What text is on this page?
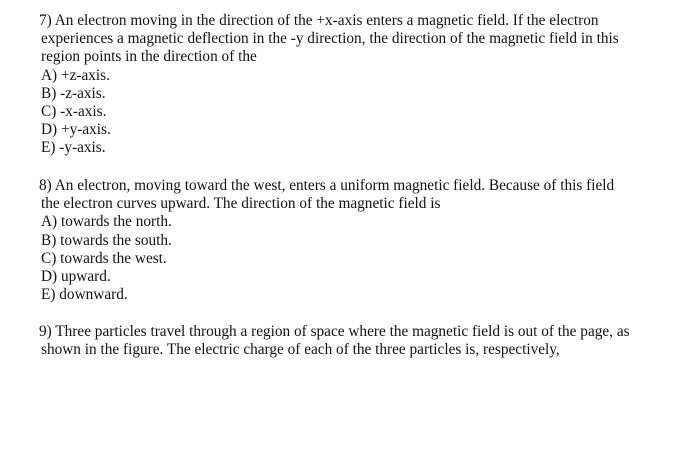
7) An electron moving in the direction of the +x-axis enters a magnetic field. If the electron
experiences a magnetic deflection in the -y direction, the direction of the magnetic field in this
region points in the direction of the
A) +z-axis.
B) -z-axis.
C) -x-axis.
D) +y-axis.
E) -y-axis.
8) An electron, moving toward the west, enters a uniform magnetic field. Because of this field
the electron curves upward. The direction of the magnetic field is
A) towards the north.
B) towards the south.
C) towards the west.
D) upward.
E) downward.
9) Three particles travel through a region of space where the magnetic field is out of the page, as
shown in the figure. The electric charge of each of the three particles is, respectively,
